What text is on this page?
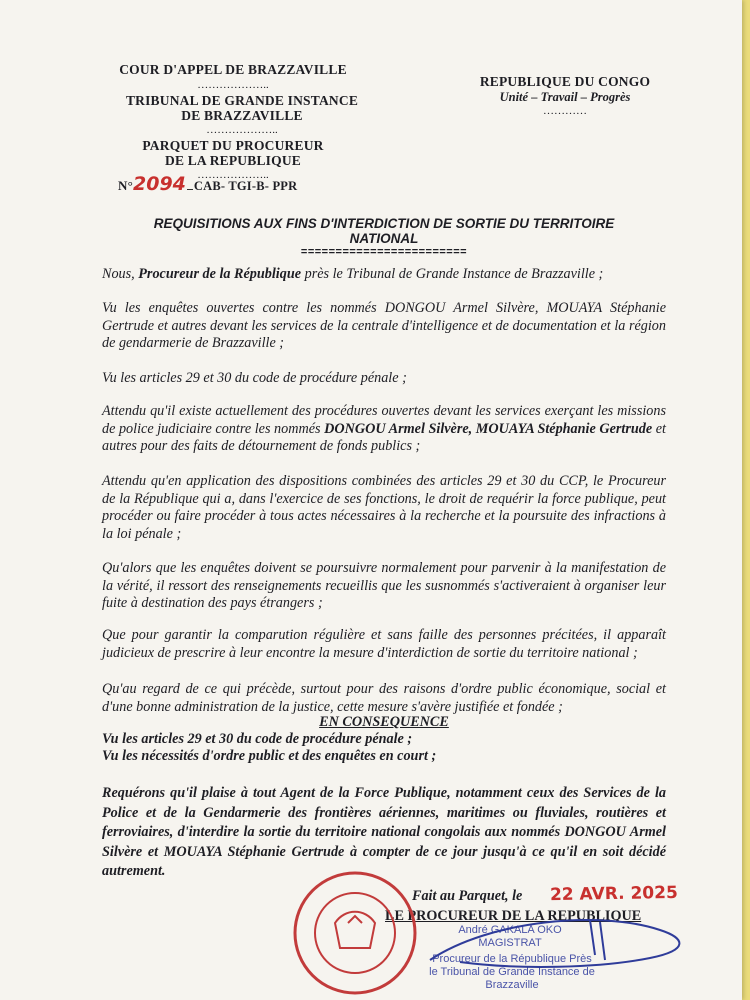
COUR D'APPEL DE BRAZZAVILLE
………………..
TRIBUNAL DE GRANDE INSTANCE
DE BRAZZAVILLE
………………..
PARQUET DU PROCUREUR
DE LA REPUBLIQUE
………………..
N°2094 CAB- TGI-B- PPR
REPUBLIQUE DU CONGO
Unité – Travail – Progrès
…………
REQUISITIONS AUX FINS D'INTERDICTION DE SORTIE DU TERRITOIRE
NATIONAL
========================
Nous, Procureur de la République près le Tribunal de Grande Instance de Brazzaville ;
Vu les enquêtes ouvertes contre les nommés DONGOU Armel Silvère, MOUAYA Stéphanie Gertrude et autres devant les services de la centrale d'intelligence et de documentation et la région de gendarmerie de Brazzaville ;
Vu les articles 29 et 30 du code de procédure pénale ;
Attendu qu'il existe actuellement des procédures ouvertes devant les services exerçant les missions de police judiciaire contre les nommés DONGOU Armel Silvère, MOUAYA Stéphanie Gertrude et autres pour des faits de détournement de fonds publics ;
Attendu qu'en application des dispositions combinées des articles 29 et 30 du CCP, le Procureur de la République qui a, dans l'exercice de ses fonctions, le droit de requérir la force publique, peut procéder ou faire procéder à tous actes nécessaires à la recherche et la poursuite des infractions à la loi pénale ;
Qu'alors que les enquêtes doivent se poursuivre normalement pour parvenir à la manifestation de la vérité, il ressort des renseignements recueillis que les susnommés s'activeraient à organiser leur fuite à destination des pays étrangers ;
Que pour garantir la comparution régulière et sans faille des personnes précitées, il apparaît judicieux de prescrire à leur encontre la mesure d'interdiction de sortie du territoire national ;
Qu'au regard de ce qui précède, surtout pour des raisons d'ordre public économique, social et d'une bonne administration de la justice, cette mesure s'avère justifiée et fondée ;
EN CONSEQUENCE
Vu les articles 29 et 30 du code de procédure pénale ;
Vu les nécessités d'ordre public et des enquêtes en court ;
Requérons qu'il plaise à tout Agent de la Force Publique, notamment ceux des Services de la Police et de la Gendarmerie des frontières aériennes, maritimes ou fluviales, routières et ferroviaires, d'interdire la sortie du territoire national congolais aux nommés DONGOU Armel Silvère et MOUAYA Stéphanie Gertrude à compter de ce jour jusqu'à ce qu'il en soit décidé autrement.
Fait au Parquet, le 22 AVR. 2025
LE PROCUREUR DE LA REPUBLIQUE
André GAKALA OKO
MAGISTRAT
Procureur de la République Près
le Tribunal de Grande Instance de
Brazzaville
